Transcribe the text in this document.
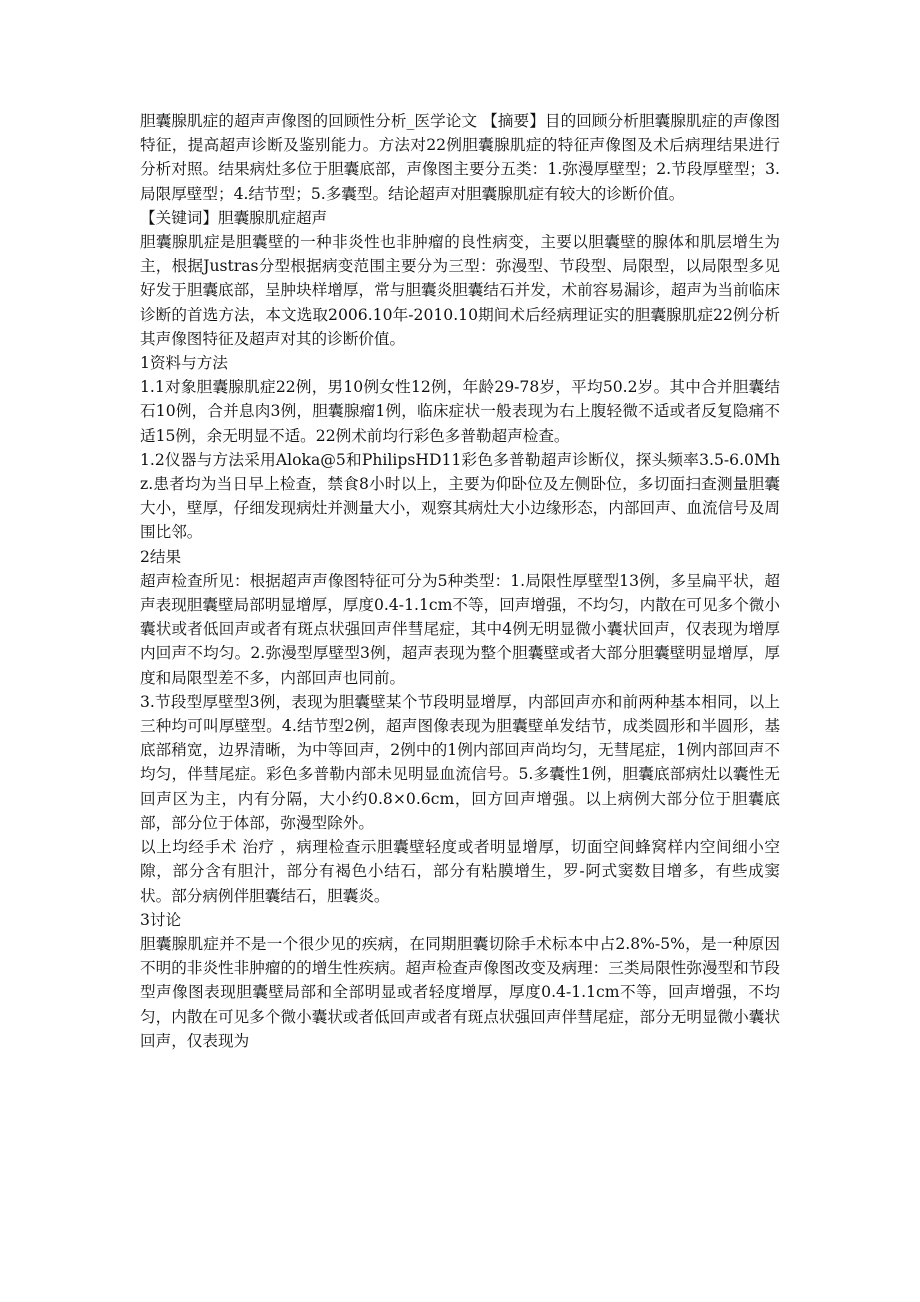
胆囊腺肌症的超声声像图的回顾性分析_医学论文 【摘要】目的回顾分析胆囊腺肌症的声像图特征，提高超声诊断及鉴别能力。方法对22例胆囊腺肌症的特征声像图及术后病理结果进行分析对照。结果病灶多位于胆囊底部，声像图主要分五类：1.弥漫厚壁型；2.节段厚壁型；3.局限厚壁型；4.结节型；5.多囊型。结论超声对胆囊腺肌症有较大的诊断价值。

【关键词】胆囊腺肌症超声

胆囊腺肌症是胆囊壁的一种非炎性也非肿瘤的良性病变，主要以胆囊壁的腺体和肌层增生为主，根据Justras分型根据病变范围主要分为三型：弥漫型、节段型、局限型，以局限型多见好发于胆囊底部，呈肿块样增厚，常与胆囊炎胆囊结石并发，术前容易漏诊，超声为当前临床诊断的首选方法，本文选取2006.10年-2010.10期间术后经病理证实的胆囊腺肌症22例分析其声像图特征及超声对其的诊断价值。

1资料与方法

1.1对象胆囊腺肌症22例，男10例女性12例，年龄29-78岁，平均50.2岁。其中合并胆囊结石10例，合并息肉3例，胆囊腺瘤1例，临床症状一般表现为右上腹轻微不适或者反复隐痛不适15例，余无明显不适。22例术前均行彩色多普勒超声检查。

1.2仪器与方法采用Aloka@5和PhilipsHD11彩色多普勒超声诊断仪，探头频率3.5-6.0Mhz.患者均为当日早上检查，禁食8小时以上，主要为仰卧位及左侧卧位，多切面扫查测量胆囊大小，壁厚，仔细发现病灶并测量大小，观察其病灶大小边缘形态，内部回声、血流信号及周围比邻。

2结果

超声检查所见：根据超声声像图特征可分为5种类型：1.局限性厚壁型13例，多呈扁平状，超声表现胆囊壁局部明显增厚，厚度0.4-1.1cm不等，回声增强，不均匀，内散在可见多个微小囊状或者低回声或者有斑点状强回声伴彗尾症，其中4例无明显微小囊状回声，仅表现为增厚内回声不均匀。2.弥漫型厚壁型3例，超声表现为整个胆囊壁或者大部分胆囊壁明显增厚，厚度和局限型差不多，内部回声也同前。

3.节段型厚壁型3例，表现为胆囊壁某个节段明显增厚，内部回声亦和前两种基本相同，以上三种均可叫厚壁型。4.结节型2例，超声图像表现为胆囊壁单发结节，成类圆形和半圆形，基底部稍宽，边界清晰，为中等回声，2例中的1例内部回声尚均匀，无彗尾症，1例内部回声不均匀，伴彗尾症。彩色多普勒内部未见明显血流信号。5.多囊性1例，胆囊底部病灶以囊性无回声区为主，内有分隔，大小约0.8×0.6cm，回方回声增强。以上病例大部分位于胆囊底部，部分位于体部，弥漫型除外。

以上均经手术 治疗 ，病理检查示胆囊壁轻度或者明显增厚，切面空间蜂窝样内空间细小空隙，部分含有胆汁，部分有褐色小结石，部分有粘膜增生，罗-阿式窦数目增多，有些成窦状。部分病例伴胆囊结石，胆囊炎。

3讨论

胆囊腺肌症并不是一个很少见的疾病，在同期胆囊切除手术标本中占2.8%-5%，是一种原因不明的非炎性非肿瘤的的增生性疾病。超声检查声像图改变及病理：三类局限性弥漫型和节段型声像图表现胆囊壁局部和全部明显或者轻度增厚，厚度0.4-1.1cm不等，回声增强，不均匀，内散在可见多个微小囊状或者低回声或者有斑点状强回声伴彗尾症，部分无明显微小囊状回声，仅表现为
